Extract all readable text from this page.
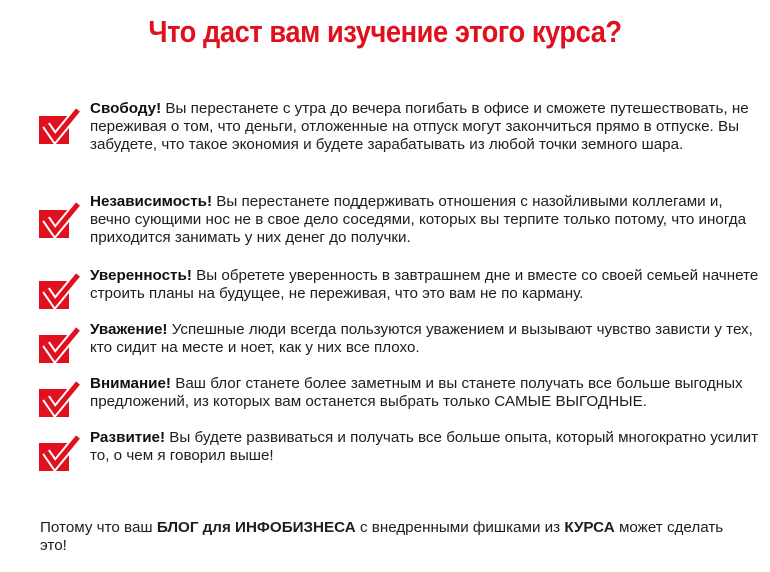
Что даст вам изучение этого курса?
Свободу! Вы перестанете с утра до вечера погибать в офисе и сможете путешествовать, не переживая о том, что деньги, отложенные на отпуск могут закончиться прямо в отпуске. Вы забудете, что такое экономия и будете зарабатывать из любой точки земного шара.
Независимость! Вы перестанете поддерживать отношения с назойливыми коллегами и, вечно сующими нос не в свое дело соседями, которых вы терпите только потому, что иногда приходится занимать у них денег до получки.
Уверенность! Вы обретете уверенность в завтрашнем дне и вместе со своей семьей начнете строить планы на будущее, не переживая, что это вам не по карману.
Уважение! Успешные люди всегда пользуются уважением и вызывают чувство зависти у тех, кто сидит на месте и ноет, как у них все плохо.
Внимание! Ваш блог станете более заметным и вы станете получать все больше выгодных предложений, из которых вам останется выбрать только САМЫЕ ВЫГОДНЫЕ.
Развитие! Вы будете развиваться и получать все больше опыта, который многократно усилит то, о чем я говорил выше!
Потому что ваш БЛОГ для ИНФОБИЗНЕСА с внедренными фишками из КУРСА может сделать это!
